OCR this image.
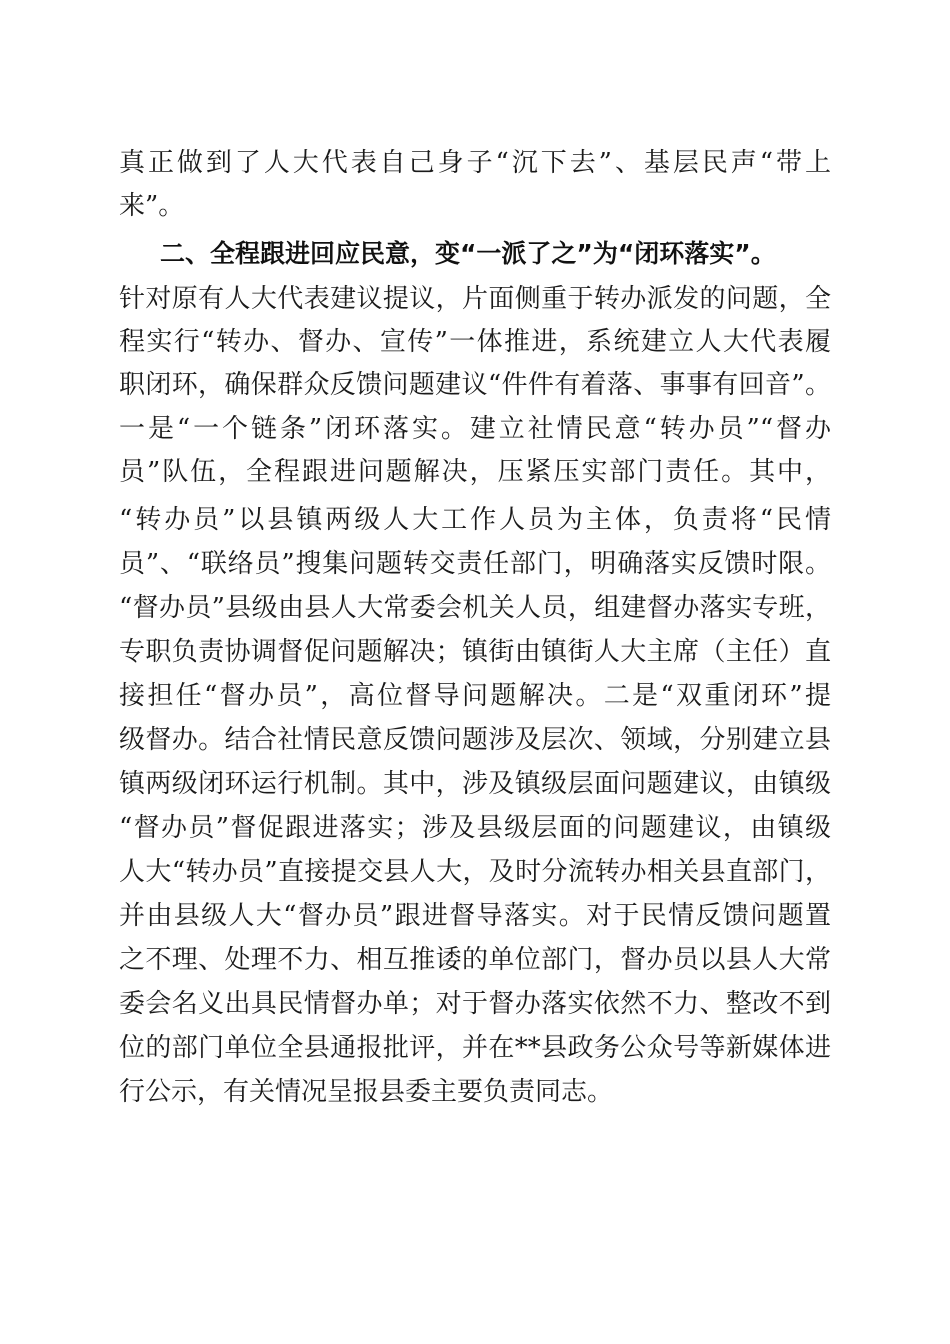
真正做到了人大代表自己身子“沉下去”、基层民声“带上
来”。
二、全程跟进回应民意，变“一派了之”为“闭环落实”。
针对原有人大代表建议提议，片面侧重于转办派发的问题，全
程实行“转办、督办、宣传”一体推进，系统建立人大代表履
职闭环，确保群众反馈问题建议“件件有着落、事事有回音”。
一是“一个链条”闭环落实。建立社情民意“转办员”“督办
员”队伍，全程跟进问题解决，压紧压实部门责任。其中，
“转办员”以县镇两级人大工作人员为主体，负责将“民情
员”、“联络员”搜集问题转交责任部门，明确落实反馈时限。
“督办员”县级由县人大常委会机关人员，组建督办落实专班，
专职负责协调督促问题解决；镇街由镇街人大主席（主任）直
接担任“督办员”，高位督导问题解决。二是“双重闭环”提
级督办。结合社情民意反馈问题涉及层次、领域，分别建立县
镇两级闭环运行机制。其中，涉及镇级层面问题建议，由镇级
“督办员”督促跟进落实；涉及县级层面的问题建议，由镇级
人大“转办员”直接提交县人大，及时分流转办相关县直部门，
并由县级人大“督办员”跟进督导落实。对于民情反馈问题置
之不理、处理不力、相互推诿的单位部门，督办员以县人大常
委会名义出具民情督办单；对于督办落实依然不力、整改不到
位的部门单位全县通报批评，并在**县政务公众号等新媒体进
行公示，有关情况呈报县委主要负责同志。
